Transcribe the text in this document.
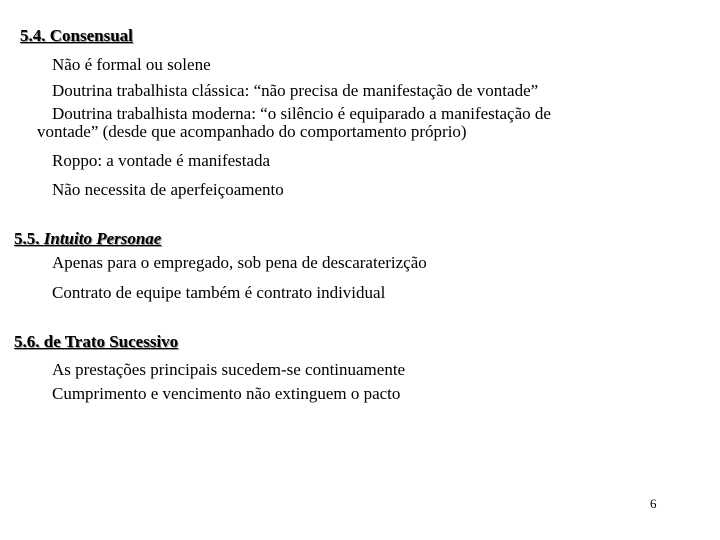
5.4. Consensual
Não é formal ou solene
Doutrina trabalhista clássica: “não precisa de manifestação de vontade”
Doutrina trabalhista moderna: “o silêncio é equiparado a manifestação de
vontade” (desde que acompanhado do comportamento próprio)
Roppo: a vontade é manifestada
Não necessita de aperfeiçoamento
5.5. Intuito Personae
Apenas para o empregado, sob pena de descaraterizção
Contrato de equipe também é contrato individual
5.6. de Trato Sucessivo
As prestações principais sucedem-se continuamente
Cumprimento e vencimento não extinguem o pacto
6
